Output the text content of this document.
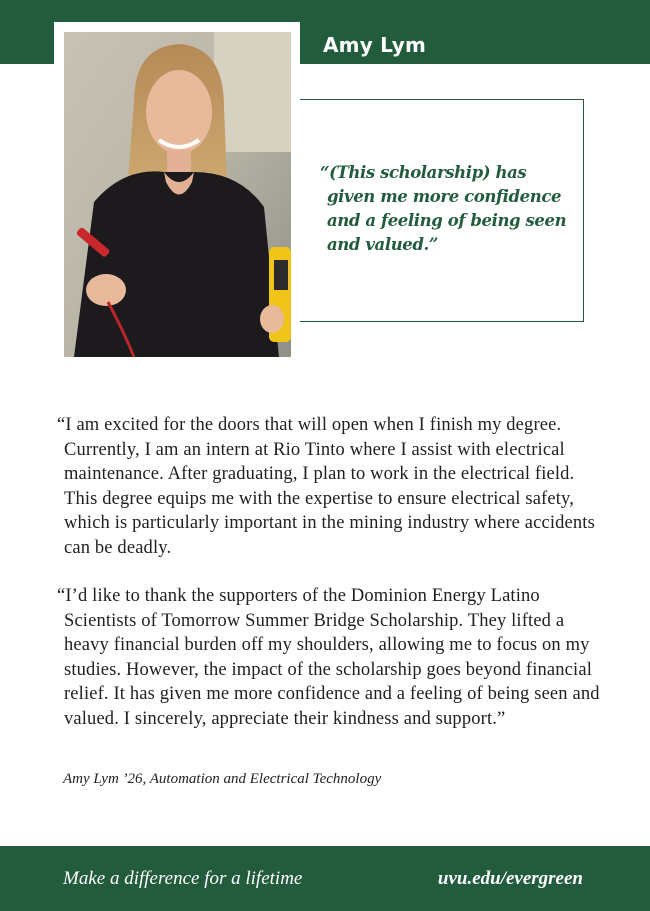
Amy Lym

“(This scholarship) has given me more confidence and a feeling of being seen and valued.”

“I am excited for the doors that will open when I finish my degree. Currently, I am an intern at Rio Tinto where I assist with electrical maintenance. After graduating, I plan to work in the electrical field. This degree equips me with the expertise to ensure electrical safety, which is particularly important in the mining industry where accidents can be deadly.

“I’d like to thank the supporters of the Dominion Energy Latino Scientists of Tomorrow Summer Bridge Scholarship. They lifted a heavy financial burden off my shoulders, allowing me to focus on my studies. However, the impact of the scholarship goes beyond financial relief. It has given me more confidence and a feeling of being seen and valued. I sincerely, appreciate their kindness and support.”

Amy Lym ’26, Automation and Electrical Technology

Make a difference for a lifetime	uvu.edu/evergreen
